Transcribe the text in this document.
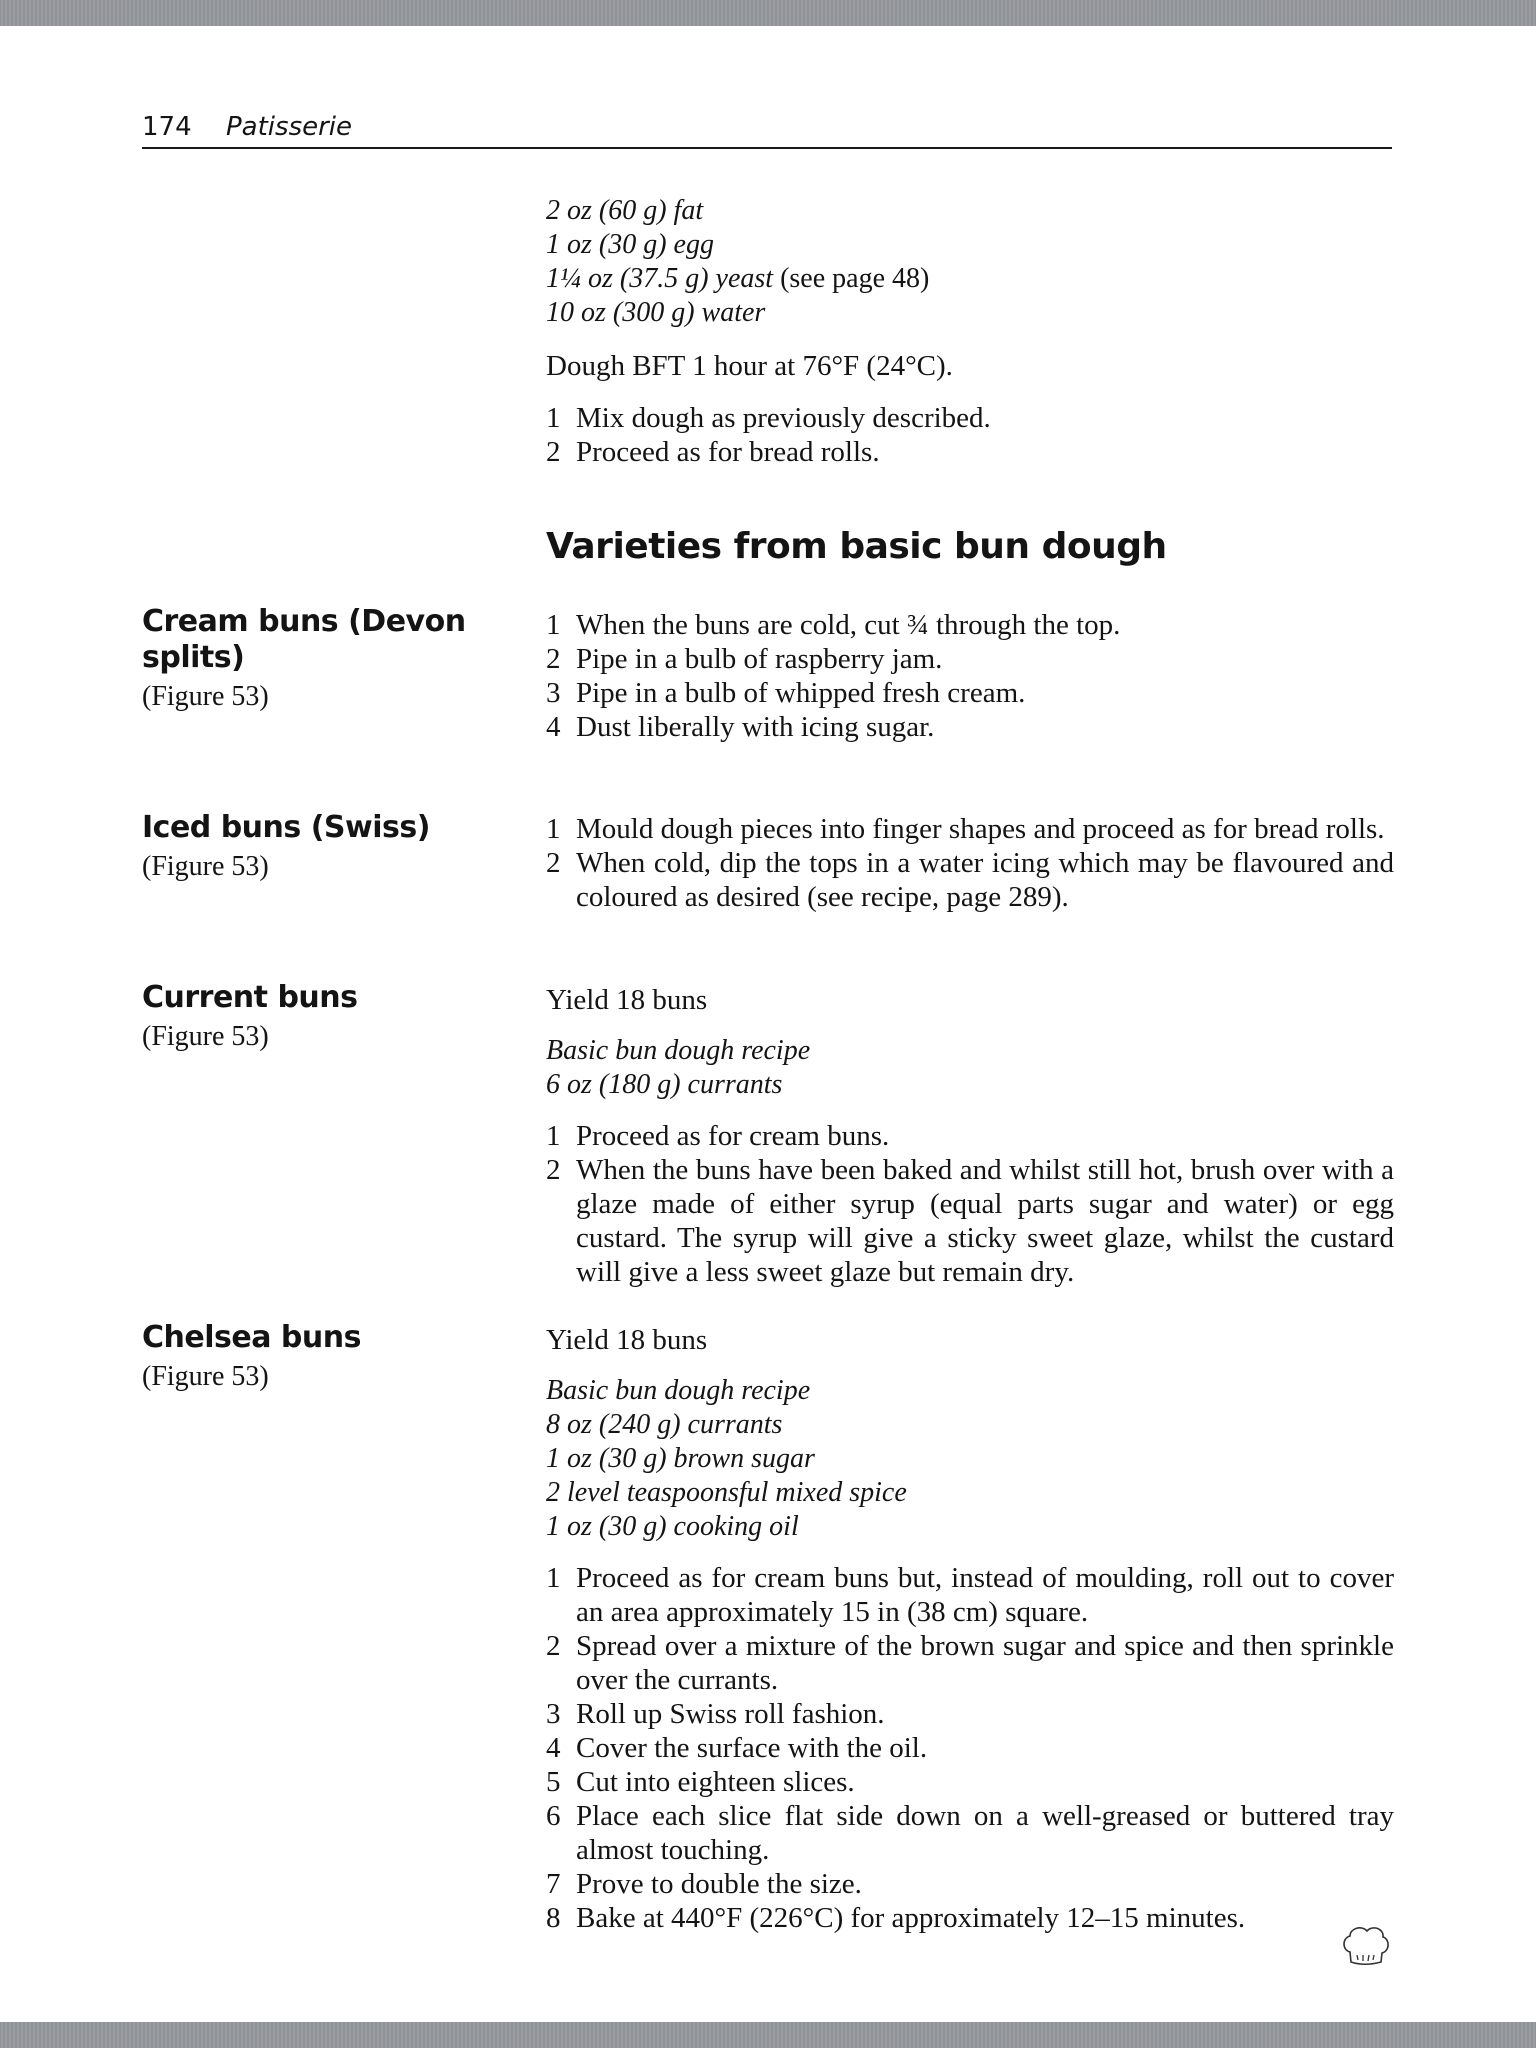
174 Patisserie
2 oz (60 g) fat
1 oz (30 g) egg
1¼ oz (37.5 g) yeast (see page 48)
10 oz (300 g) water

Dough BFT 1 hour at 76°F (24°C).

1 Mix dough as previously described.
2 Proceed as for bread rolls.
Varieties from basic bun dough

Cream buns (Devon splits)

(Figure 53)
1 When the buns are cold, cut ¾ through the top.
2 Pipe in a bulb of raspberry jam.
3 Pipe in a bulb of whipped fresh cream.
4 Dust liberally with icing sugar.

Iced buns (Swiss)

(Figure 53)
1 Mould dough pieces into finger shapes and proceed as for bread rolls.
2 When cold, dip the tops in a water icing which may be flavoured and coloured as desired (see recipe, page 289).

Current buns

(Figure 53)

Yield 18 buns

Basic bun dough recipe
6 oz (180 g) currants
1 Proceed as for cream buns.
2 When the buns have been baked and whilst still hot, brush over with a glaze made of either syrup (equal parts sugar and water) or egg custard. The syrup will give a sticky sweet glaze, whilst the custard will give a less sweet glaze but remain dry.

Chelsea buns

(Figure 53)

Yield 18 buns

Basic bun dough recipe
8 oz (240 g) currants
1 oz (30 g) brown sugar
2 level teaspoonsful mixed spice
1 oz (30 g) cooking oil
1 Proceed as for cream buns but, instead of moulding, roll out to cover an area approximately 15 in (38 cm) square.
2 Spread over a mixture of the brown sugar and spice and then sprinkle over the currants.
3 Roll up Swiss roll fashion.
4 Cover the surface with the oil.
5 Cut into eighteen slices.
6 Place each slice flat side down on a well-greased or buttered tray almost touching.
7 Prove to double the size.
8 Bake at 440°F (226°C) for approximately 12–15 minutes.
